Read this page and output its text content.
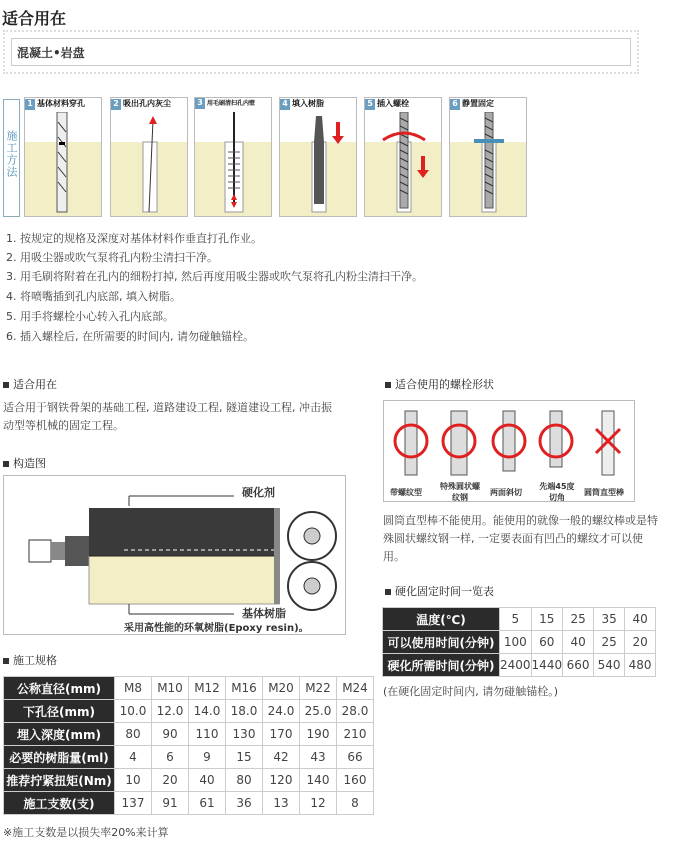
适合用在
混凝土•岩盘
施工方法
1 基体材料穿孔	2 吸出孔内灰尘	3 用毛刷清扫孔内壁	4 填入树脂	5 插入螺栓	6 静置固定
1. 按规定的规格及深度对基体材料作垂直打孔作业。
2. 用吸尘器或吹气泵将孔内粉尘清扫干净。
3. 用毛刷将附着在孔内的细粉打掉, 然后再度用吸尘器或吹气泵将孔内粉尘清扫干净。
4. 将喷嘴插到孔内底部, 填入树脂。
5. 用手将螺栓小心转入孔内底部。
6. 插入螺栓后, 在所需要的时间内, 请勿碰触锚栓。
适合用在
适合用于钢铁骨架的基础工程, 道路建设工程, 隧道建设工程, 冲击振
动型等机械的固定工程。
构造图
硬化剂
基体树脂
采用高性能的环氧树脂(Epoxy resin)。
适合使用的螺栓形状
带螺纹型
特殊圆状螺纹钢
两面斜切
先端45度切角
圆筒直型棒
圆筒直型棒不能使用。能使用的就像一般的螺纹棒或是特
殊圆状螺纹钢一样, 一定要表面有凹凸的螺纹才可以使
用。
硬化固定时间一览表
温度(℃)	5	15	25	35	40
可以使用时间(分钟)	100	60	40	25	20
硬化所需时间(分钟)	2400	1440	660	540	480
(在硬化固定时间内, 请勿碰触锚栓。)
施工规格
公称直径(mm)	M8	M10	M12	M16	M20	M22	M24
下孔径(mm)	10.0	12.0	14.0	18.0	24.0	25.0	28.0
埋入深度(mm)	80	90	110	130	170	190	210
必要的树脂量(ml)	4	6	9	15	42	43	66
推荐拧紧扭矩(Nm)	10	20	40	80	120	140	160
施工支数(支)	137	91	61	36	13	12	8
※施工支数是以损失率20%来计算
